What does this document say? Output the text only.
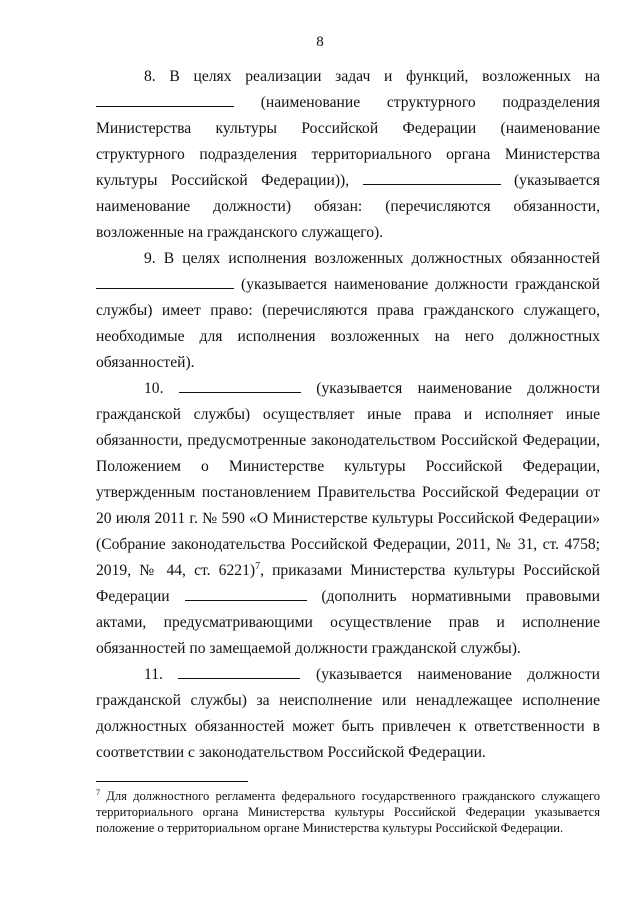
8

8. В целях реализации задач и функций, возложенных на  (наименование структурного подразделения Министерства культуры Российской Федерации (наименование структурного подразделения территориального органа Министерства культуры Российской Федерации)),	(указывается наименование должности) обязан: (перечисляются обязанности, возложенные на гражданского служащего).

9. В целях исполнения возложенных должностных обязанностей  (указывается наименование должности гражданской службы) имеет право: (перечисляются права гражданского служащего, необходимые для исполнения возложенных на него должностных обязанностей).

10.	(указывается наименование должности гражданской службы) осуществляет иные права и исполняет иные обязанности, предусмотренные законодательством Российской Федерации, Положением о Министерстве культуры Российской Федерации, утвержденным постановлением Правительства Российской Федерации от 20 июля 2011 г. № 590 «О Министерстве культуры Российской Федерации» (Собрание законодательства Российской Федерации, 2011, № 31, ст. 4758; 2019, № 44, ст. 6221)$^7$, приказами Министерства культуры Российской Федерации	(дополнить нормативными правовыми актами, предусматривающими осуществление прав и исполнение обязанностей по замещаемой должности гражданской службы).

11.	(указывается наименование должности гражданской службы) за неисполнение или ненадлежащее исполнение должностных обязанностей может быть привлечен к ответственности в соответствии с законодательством Российской Федерации.

$^7$ Для должностного регламента федерального государственного гражданского служащего территориального органа Министерства культуры Российской Федерации указывается положение о территориальном органе Министерства культуры Российской Федерации.
